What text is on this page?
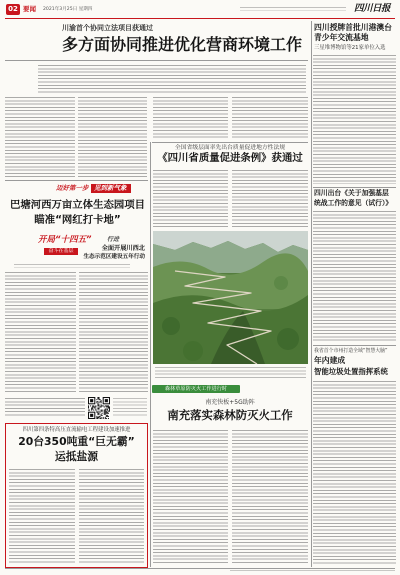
02 要闻 2021年3月25日 星期四	四川日报
川渝首个协同立法项目获通过
多方面协同推进优化营商环境工作
全国省级层面率先出台质量促进地方性法规
《四川省质量促进条例》获通过
森林草原防灭火工作进行时
南充快板+5G助阵
南充落实森林防灭火工作
迈好第一步 见到新气象
巴塘河西万亩立体生态园项目
瞄准“网红打卡地”
开局“十四五”
奋斗在基层
行进
全面开展川西北
生态示范区建设五年行动
四川第四条特高压直流输电工程建设加速推进
20台350吨重“巨无霸”
运抵盐源
四川授牌首批川港澳台
青少年交流基地
三星堆博物馆等21家单位入选
四川出台《关于加强基层
统战工作的意见（试行）》
我省首个市州打造全域“智慧大脑”
年内建成
智能垃圾处置指挥系统
